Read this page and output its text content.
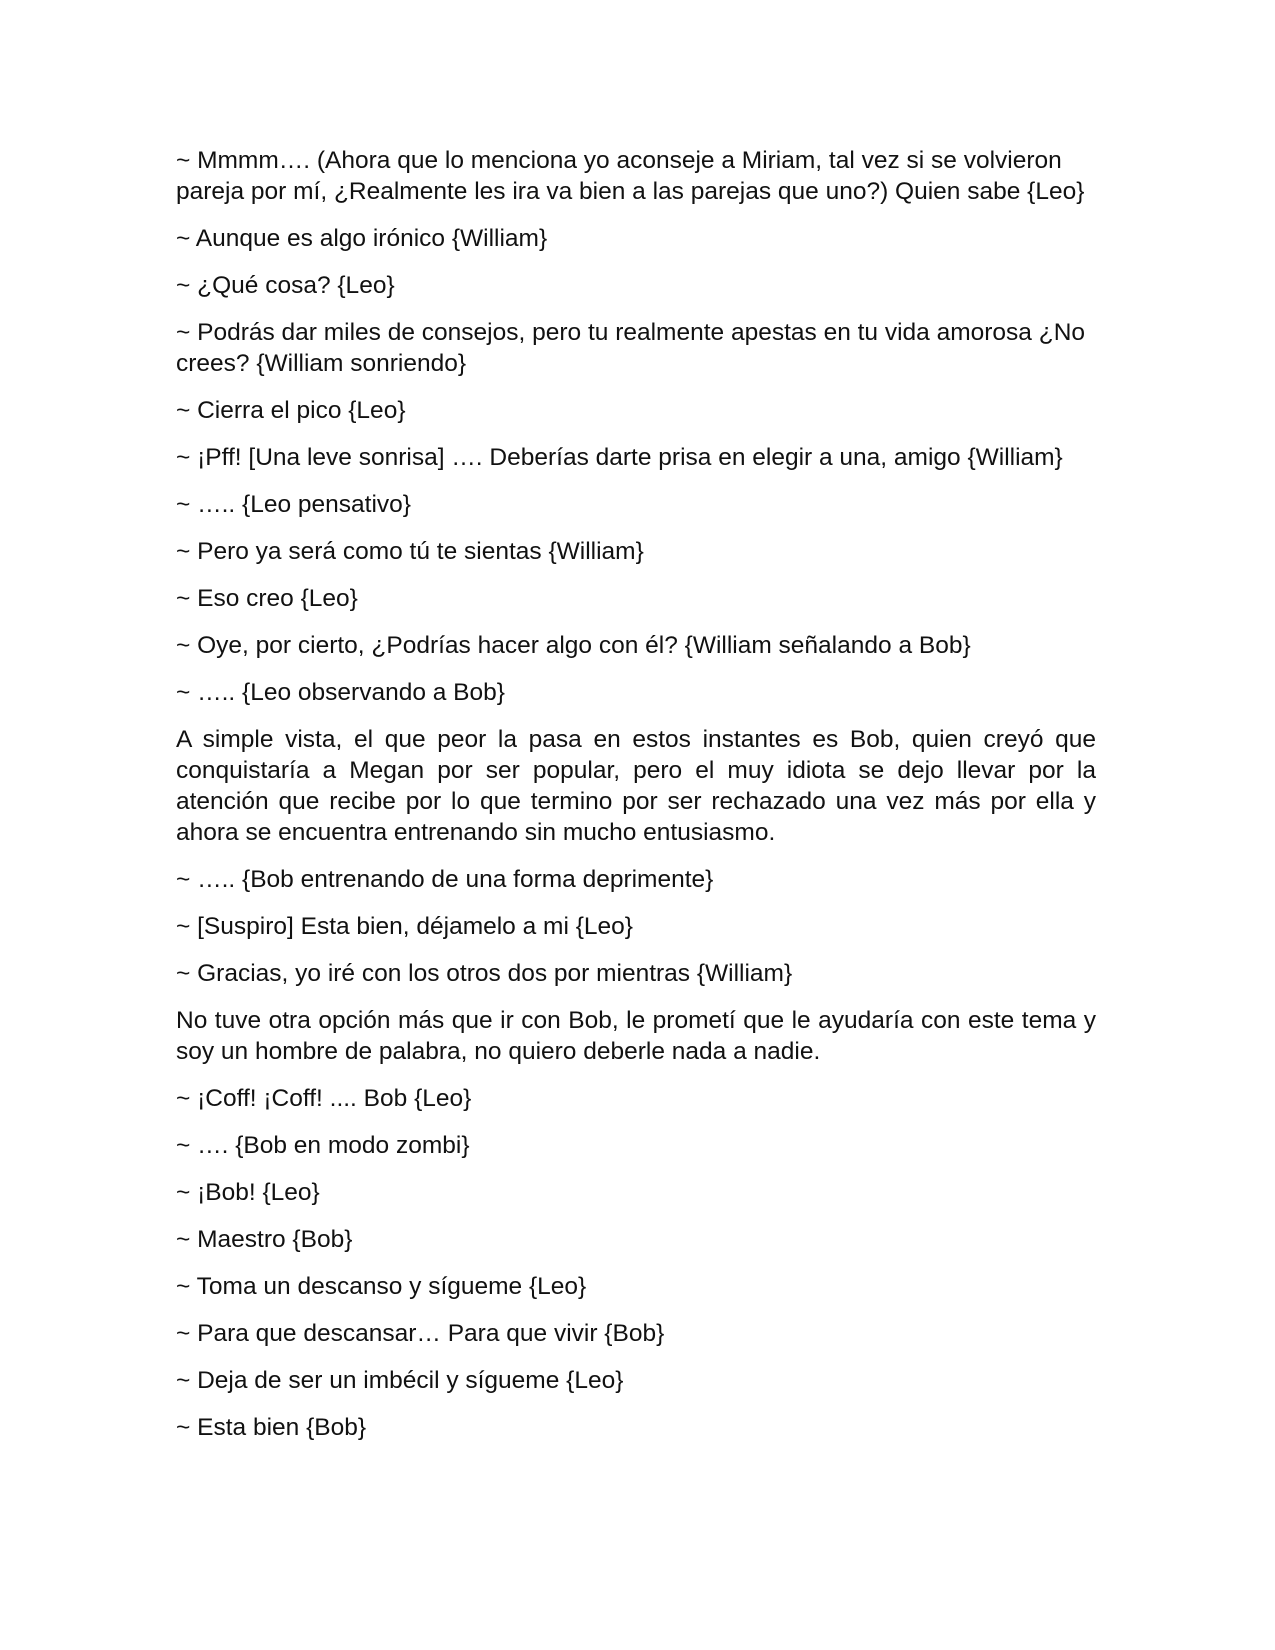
~ Mmmm…. (Ahora que lo menciona yo aconseje a Miriam, tal vez si se volvieron pareja por mí, ¿Realmente les ira va bien a las parejas que uno?) Quien sabe {Leo}

~ Aunque es algo irónico {William}

~ ¿Qué cosa? {Leo}

~ Podrás dar miles de consejos, pero tu realmente apestas en tu vida amorosa ¿No crees? {William sonriendo}

~ Cierra el pico {Leo}

~ ¡Pff! [Una leve sonrisa] …. Deberías darte prisa en elegir a una, amigo {William}

~ ….. {Leo pensativo}

~ Pero ya será como tú te sientas {William}

~ Eso creo {Leo}

~ Oye, por cierto, ¿Podrías hacer algo con él? {William señalando a Bob}

~ ….. {Leo observando a Bob}

A simple vista, el que peor la pasa en estos instantes es Bob, quien creyó que conquistaría a Megan por ser popular, pero el muy idiota se dejo llevar por la atención que recibe por lo que termino por ser rechazado una vez más por ella y ahora se encuentra entrenando sin mucho entusiasmo.

~ ….. {Bob entrenando de una forma deprimente}

~ [Suspiro] Esta bien, déjamelo a mi {Leo}

~ Gracias, yo iré con los otros dos por mientras {William}

No tuve otra opción más que ir con Bob, le prometí que le ayudaría con este tema y soy un hombre de palabra, no quiero deberle nada a nadie.

~ ¡Coff! ¡Coff! .... Bob {Leo}

~ …. {Bob en modo zombi}

~ ¡Bob! {Leo}

~ Maestro {Bob}

~ Toma un descanso y sígueme {Leo}

~ Para que descansar… Para que vivir {Bob}

~ Deja de ser un imbécil y sígueme {Leo}

~ Esta bien {Bob}
